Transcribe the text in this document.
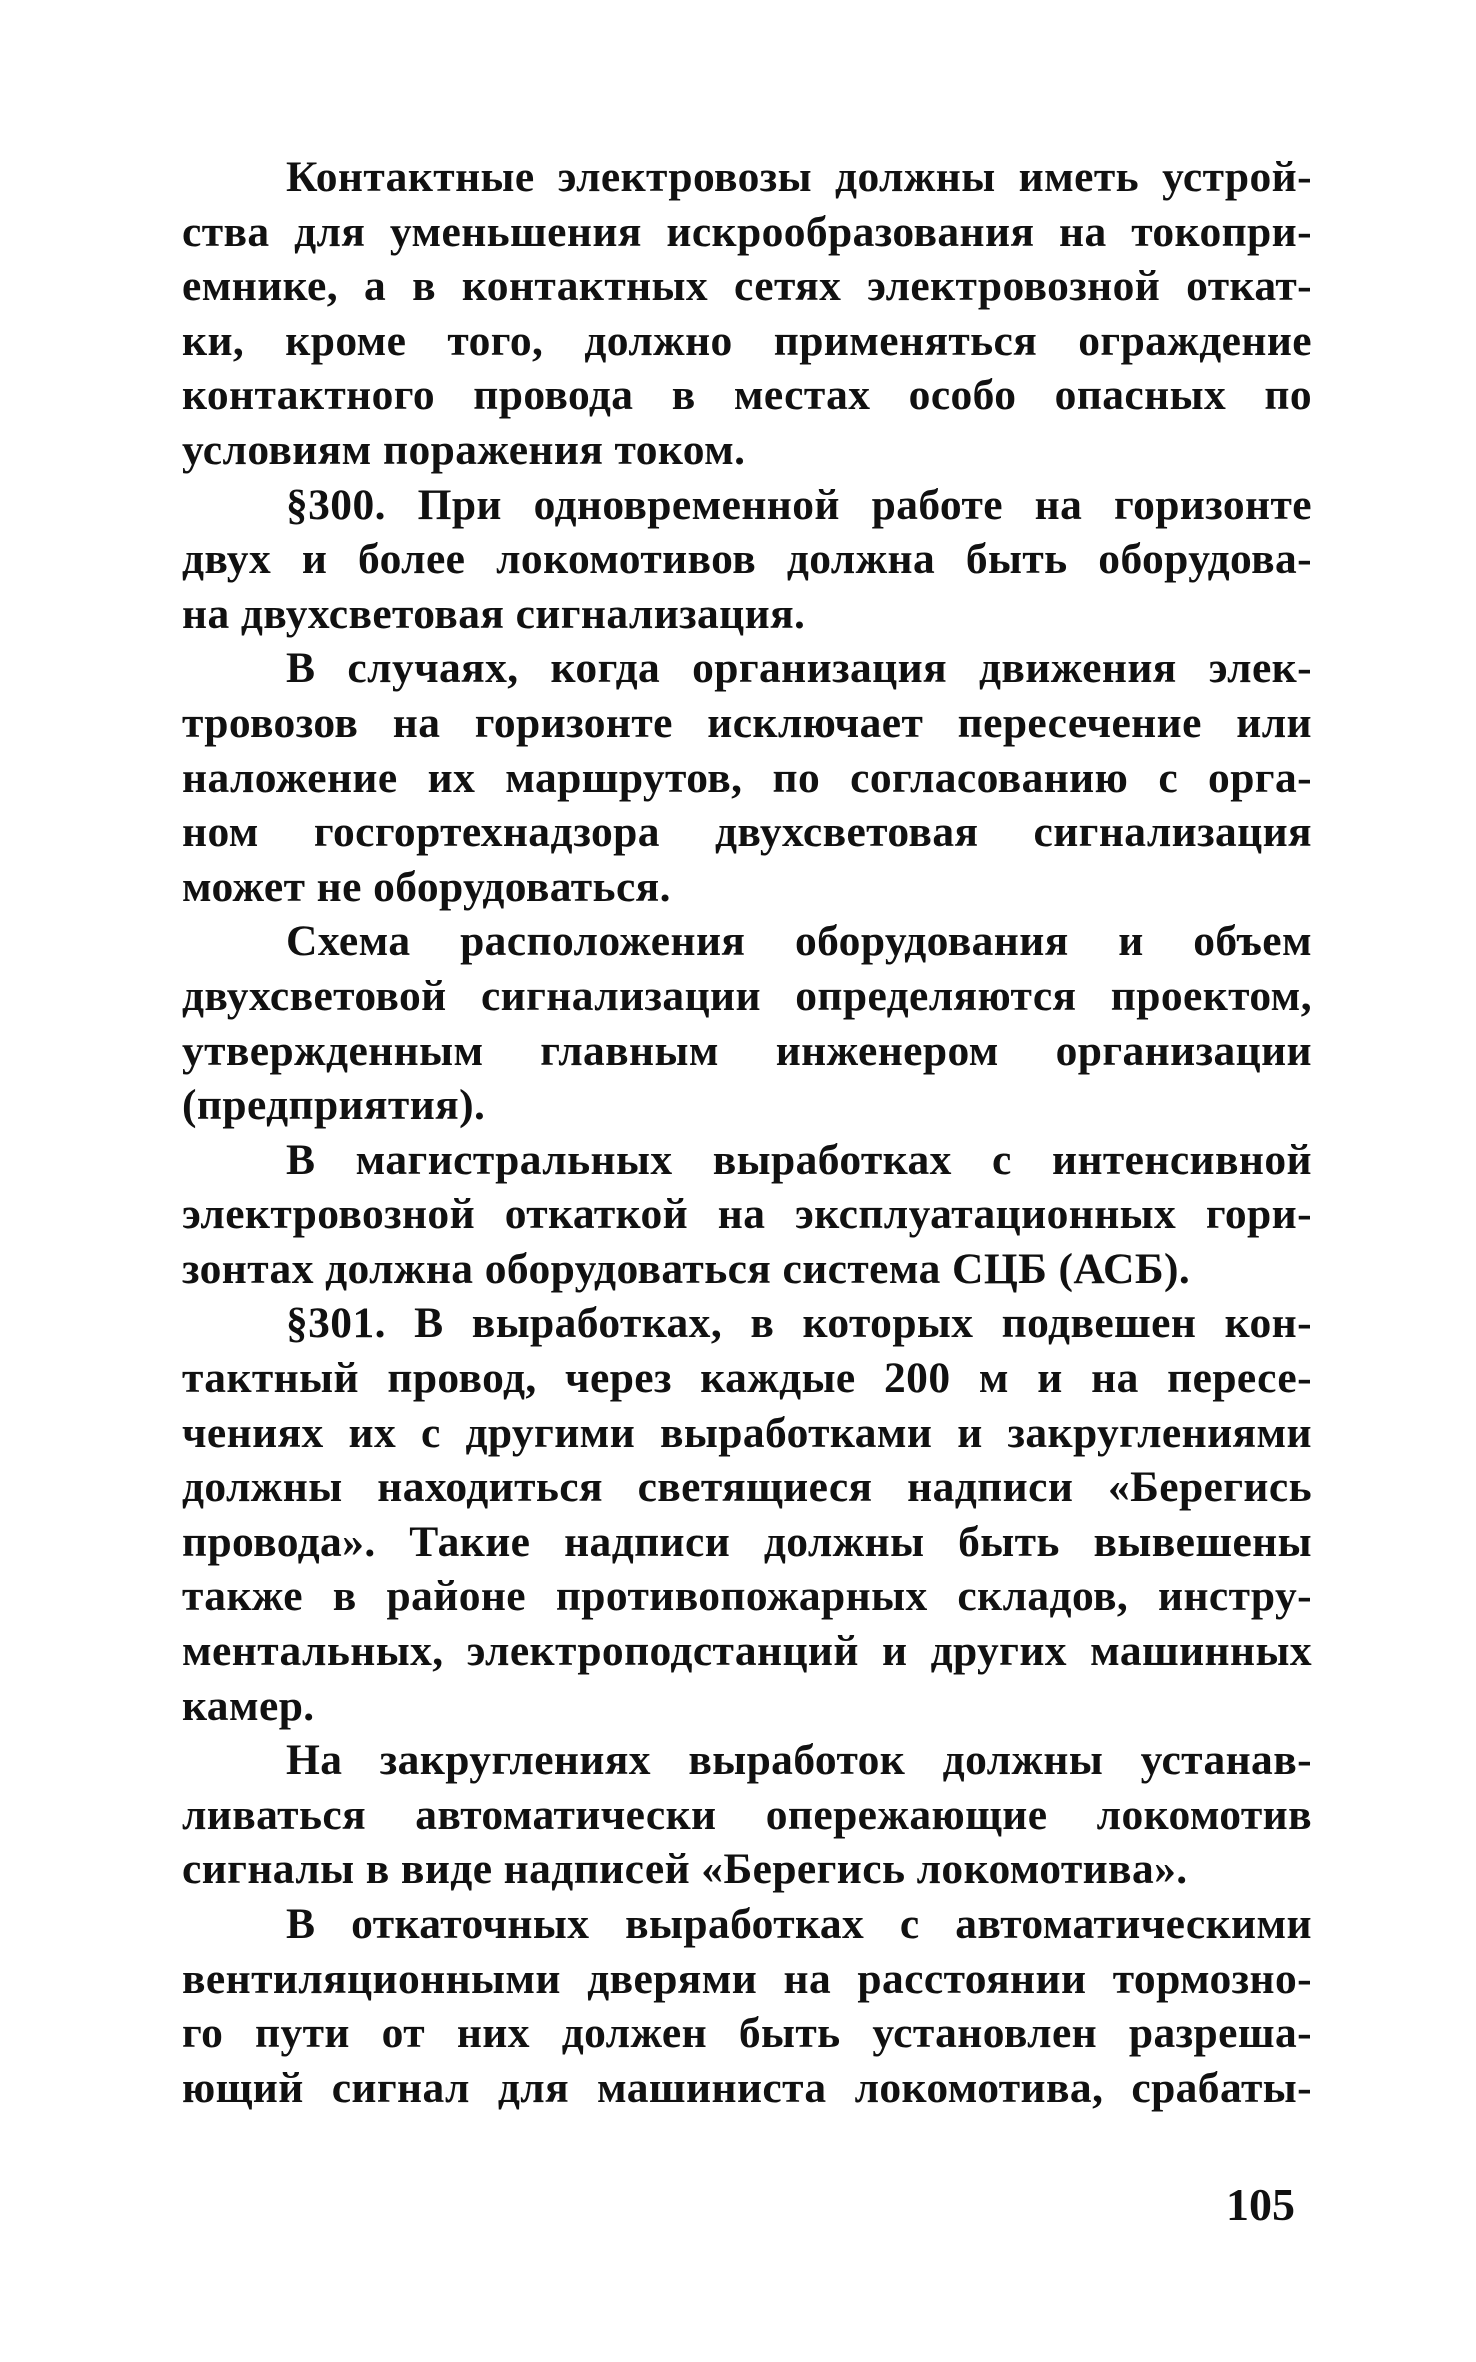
Контактные электровозы должны иметь устрой-
ства для уменьшения искрообразования на токопри-
емнике, а в контактных сетях электровозной откат-
ки, кроме того, должно применяться ограждение
контактного провода в местах особо опасных по
условиям поражения током.
§300. При одновременной работе на горизонте
двух и более локомотивов должна быть оборудова-
на двухсветовая сигнализация.
В случаях, когда организация движения элек-
тровозов на горизонте исключает пересечение или
наложение их маршрутов, по согласованию с орга-
ном госгортехнадзора двухсветовая сигнализация
может не оборудоваться.
Схема расположения оборудования и объем
двухсветовой сигнализации определяются проектом,
утвержденным главным инженером организации
(предприятия).
В магистральных выработках с интенсивной
электровозной откаткой на эксплуатационных гори-
зонтах должна оборудоваться система СЦБ (АСБ).
§301. В выработках, в которых подвешен кон-
тактный провод, через каждые 200 м и на пересе-
чениях их с другими выработками и закруглениями
должны находиться светящиеся надписи «Берегись
провода». Такие надписи должны быть вывешены
также в районе противопожарных складов, инстру-
ментальных, электроподстанций и других машинных
камер.
На закруглениях выработок должны устанав-
ливаться автоматически опережающие локомотив
сигналы в виде надписей «Берегись локомотива».
В откаточных выработках с автоматическими
вентиляционными дверями на расстоянии тормозно-
го пути от них должен быть установлен разреша-
ющий сигнал для машиниста локомотива, срабаты-
105
